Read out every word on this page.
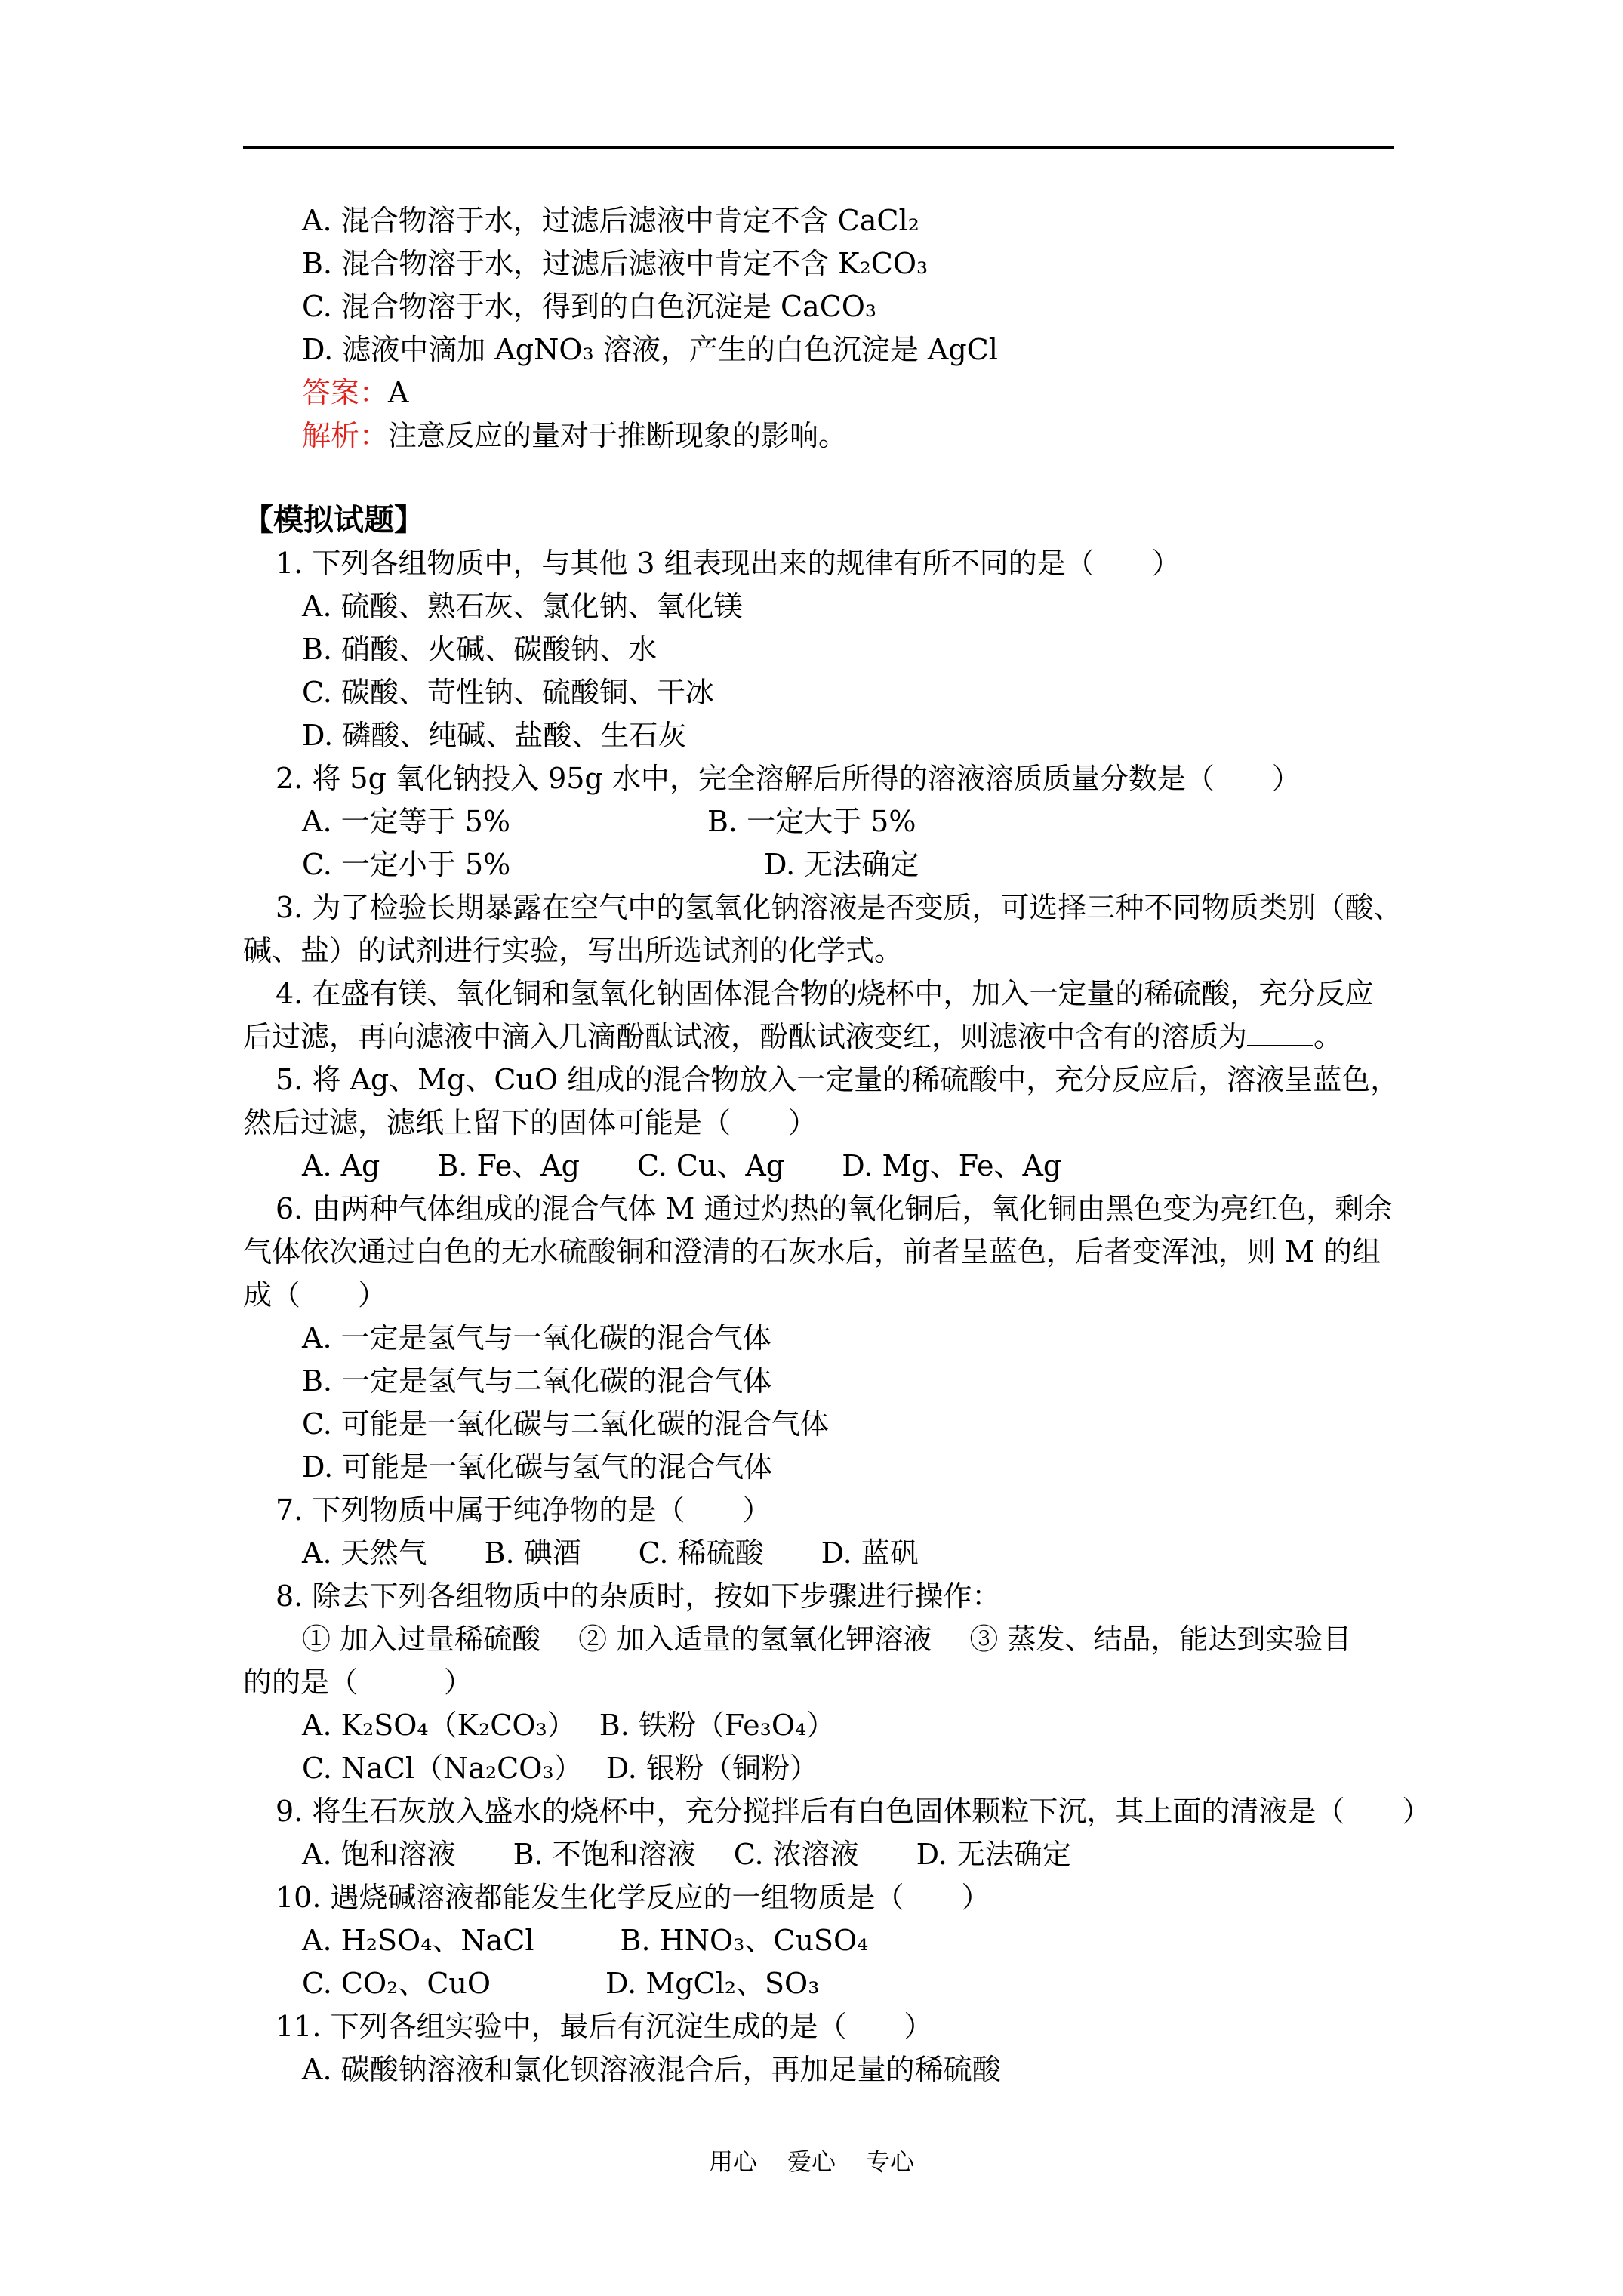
A. 混合物溶于水，过滤后滤液中肯定不含 CaCl₂
B. 混合物溶于水，过滤后滤液中肯定不含 K₂CO₃
C. 混合物溶于水，得到的白色沉淀是 CaCO₃
D. 滤液中滴加 AgNO₃ 溶液，产生的白色沉淀是 AgCl
答案：A
解析：注意反应的量对于推断现象的影响。
【模拟试题】
1. 下列各组物质中，与其他 3 组表现出来的规律有所不同的是（　　）
A. 硫酸、熟石灰、氯化钠、氧化镁
B. 硝酸、火碱、碳酸钠、水
C. 碳酸、苛性钠、硫酸铜、干冰
D. 磷酸、纯碱、盐酸、生石灰
2. 将 5g 氧化钠投入 95g 水中，完全溶解后所得的溶液溶质质量分数是（　　）
A. 一定等于 5%	B. 一定大于 5%
C. 一定小于 5%	D. 无法确定
3. 为了检验长期暴露在空气中的氢氧化钠溶液是否变质，可选择三种不同物质类别（酸、
碱、盐）的试剂进行实验，写出所选试剂的化学式。
4. 在盛有镁、氧化铜和氢氧化钠固体混合物的烧杯中，加入一定量的稀硫酸，充分反应
后过滤，再向滤液中滴入几滴酚酞试液，酚酞试液变红，则滤液中含有的溶质为 。
5. 将 Ag、Mg、CuO 组成的混合物放入一定量的稀硫酸中，充分反应后，溶液呈蓝色，
然后过滤，滤纸上留下的固体可能是（　　）
A. Ag　　B. Fe、Ag　　C. Cu、Ag　　D. Mg、Fe、Ag
6. 由两种气体组成的混合气体 M 通过灼热的氧化铜后，氧化铜由黑色变为亮红色，剩余
气体依次通过白色的无水硫酸铜和澄清的石灰水后，前者呈蓝色，后者变浑浊，则 M 的组
成（　　）
A. 一定是氢气与一氧化碳的混合气体
B. 一定是氢气与二氧化碳的混合气体
C. 可能是一氧化碳与二氧化碳的混合气体
D. 可能是一氧化碳与氢气的混合气体
7. 下列物质中属于纯净物的是（　　）
A. 天然气　　B. 碘酒　　C. 稀硫酸　　D. 蓝矾
8. 除去下列各组物质中的杂质时，按如下步骤进行操作：
① 加入过量稀硫酸　 ② 加入适量的氢氧化钾溶液　 ③ 蒸发、结晶，能达到实验目
的的是（　　　）
A. K₂SO₄（K₂CO₃）　 B. 铁粉（Fe₃O₄）
C. NaCl（Na₂CO₃）　 D. 银粉（铜粉）
9. 将生石灰放入盛水的烧杯中，充分搅拌后有白色固体颗粒下沉，其上面的清液是（　　）
A. 饱和溶液　　B. 不饱和溶液　 C. 浓溶液　　D. 无法确定
10. 遇烧碱溶液都能发生化学反应的一组物质是（　　）
A. H₂SO₄、NaCl　　　B. HNO₃、CuSO₄
C. CO₂、CuO　　　　D. MgCl₂、SO₃
11. 下列各组实验中，最后有沉淀生成的是（　　）
A. 碳酸钠溶液和氯化钡溶液混合后，再加足量的稀硫酸
用心 爱心 专心
